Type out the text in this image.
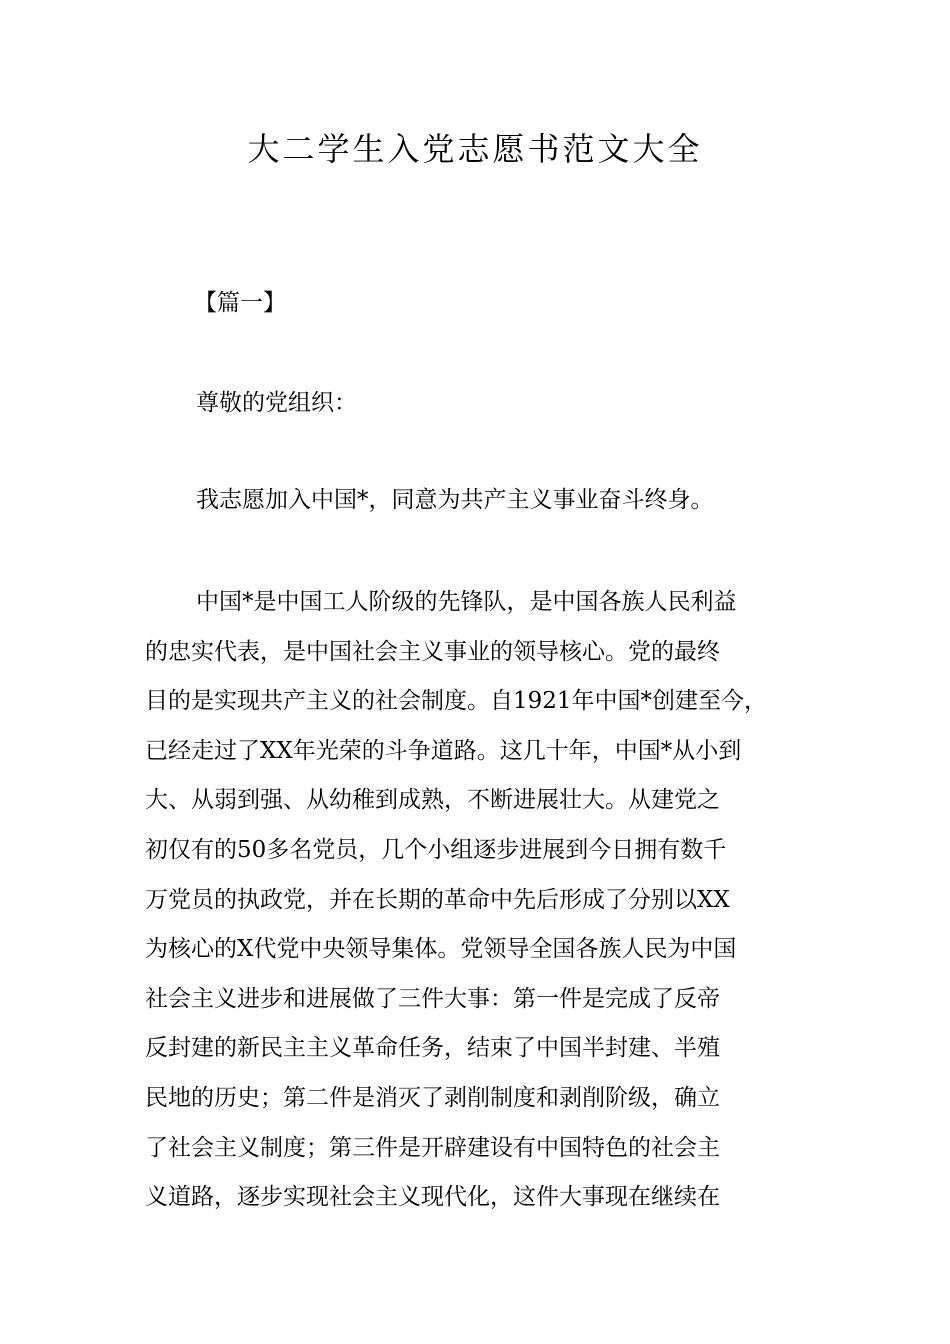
大二学生入党志愿书范文大全

【篇一】

尊敬的党组织：

我志愿加入中国*，同意为共产主义事业奋斗终身。

中国*是中国工人阶级的先锋队，是中国各族人民利益
的忠实代表，是中国社会主义事业的领导核心。党的最终
目的是实现共产主义的社会制度。自1921年中国*创建至今，
已经走过了XX年光荣的斗争道路。这几十年，中国*从小到
大、从弱到强、从幼稚到成熟，不断进展壮大。从建党之
初仅有的50多名党员，几个小组逐步进展到今日拥有数千
万党员的执政党，并在长期的革命中先后形成了分别以XX
为核心的X代党中央领导集体。党领导全国各族人民为中国
社会主义进步和进展做了三件大事：第一件是完成了反帝
反封建的新民主主义革命任务，结束了中国半封建、半殖
民地的历史；第二件是消灭了剥削制度和剥削阶级，确立
了社会主义制度；第三件是开辟建设有中国特色的社会主
义道路，逐步实现社会主义现代化，这件大事现在继续在
